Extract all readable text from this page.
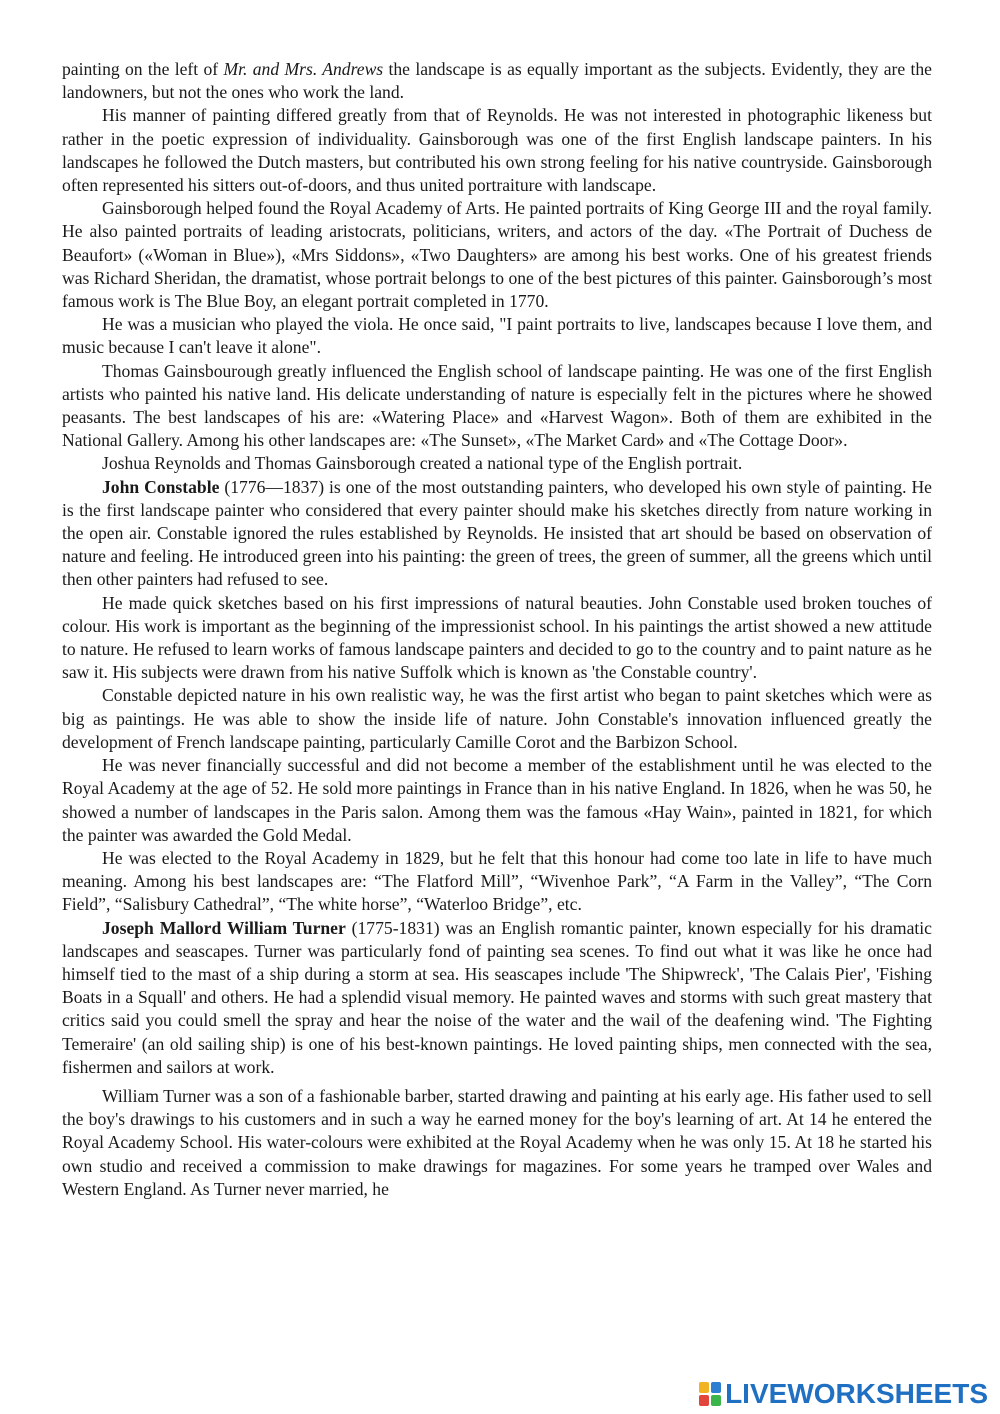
painting on the left of Mr. and Mrs. Andrews the landscape is as equally important as the subjects. Evidently, they are the landowners, but not the ones who work the land.

His manner of painting differed greatly from that of Reynolds. He was not interested in photographic likeness but rather in the poetic expression of individuality. Gainsborough was one of the first English landscape painters. In his landscapes he followed the Dutch masters, but contributed his own strong feeling for his native countryside. Gainsborough often represented his sitters out-of-doors, and thus united portraiture with landscape.

Gainsborough helped found the Royal Academy of Arts. He painted portraits of King George III and the royal family. He also painted portraits of leading aristocrats, politicians, writers, and actors of the day. «The Portrait of Duchess de Beaufort» («Woman in Blue»), «Mrs Siddons», «Two Daughters» are among his best works. One of his greatest friends was Richard Sheridan, the dramatist, whose portrait belongs to one of the best pictures of this painter. Gainsborough’s most famous work is The Blue Boy, an elegant portrait completed in 1770.

He was a musician who played the viola. He once said, "I paint portraits to live, landscapes because I love them, and music because I can't leave it alone".

Thomas Gainsbourough greatly influenced the English school of landscape painting. He was one of the first English artists who painted his native land. His delicate understanding of nature is especially felt in the pictures where he showed peasants. The best landscapes of his are: «Watering Place» and «Harvest Wagon». Both of them are exhibited in the National Gallery. Among his other landscapes are: «The Sunset», «The Market Card» and «The Cottage Door».

Joshua Reynolds and Thomas Gainsborough created a national type of the English portrait.

John Constable (1776—1837) is one of the most outstanding painters, who developed his own style of painting. He is the first landscape painter who considered that every painter should make his sketches directly from nature working in the open air. Constable ignored the rules established by Reynolds. He insisted that art should be based on observation of nature and feeling. He introduced green into his painting: the green of trees, the green of summer, all the greens which until then other painters had refused to see.

He made quick sketches based on his first impressions of natural beauties. John Constable used broken touches of colour. His work is important as the beginning of the impressionist school. In his paintings the artist showed a new attitude to nature. He refused to learn works of famous landscape painters and decided to go to the country and to paint nature as he saw it. His subjects were drawn from his native Suffolk which is known as 'the Constable country'.

Constable depicted nature in his own realistic way, he was the first artist who began to paint sketches which were as big as paintings. He was able to show the inside life of nature. John Constable's innovation influenced greatly the development of French landscape painting, particularly Camille Corot and the Barbizon School.

He was never financially successful and did not become a member of the establishment until he was elected to the Royal Academy at the age of 52. He sold more paintings in France than in his native England. In 1826, when he was 50, he showed a number of landscapes in the Paris salon. Among them was the famous «Hay Wain», painted in 1821, for which the painter was awarded the Gold Medal.

He was elected to the Royal Academy in 1829, but he felt that this honour had come too late in life to have much meaning. Among his best landscapes are: “The Flatford Mill”, “Wivenhoe Park”, “A Farm in the Valley”, “The Corn Field”, “Salisbury Cathedral”, “The white horse”, “Waterloo Bridge”, etc.

Joseph Mallord William Turner (1775-1831) was an English romantic painter, known especially for his dramatic landscapes and seascapes. Turner was particularly fond of painting sea scenes. To find out what it was like he once had himself tied to the mast of a ship during a storm at sea. His seascapes include 'The Shipwreck', 'The Calais Pier', 'Fishing Boats in a Squall' and others. He had a splendid visual memory. He painted waves and storms with such great mastery that critics said you could smell the spray and hear the noise of the water and the wail of the deafening wind. 'The Fighting Temeraire' (an old sailing ship) is one of his best-known paintings. He loved painting ships, men connected with the sea, fishermen and sailors at work.

William Turner was a son of a fashionable barber, started drawing and painting at his early age. His father used to sell the boy's drawings to his customers and in such a way he earned money for the boy's learning of art. At 14 he entered the Royal Academy School. His water-colours were exhibited at the Royal Academy when he was only 15. At 18 he started his own studio and received a commission to make drawings for magazines. For some years he tramped over Wales and Western England. As Turner never married, he

LIVEWORKSHEETS
